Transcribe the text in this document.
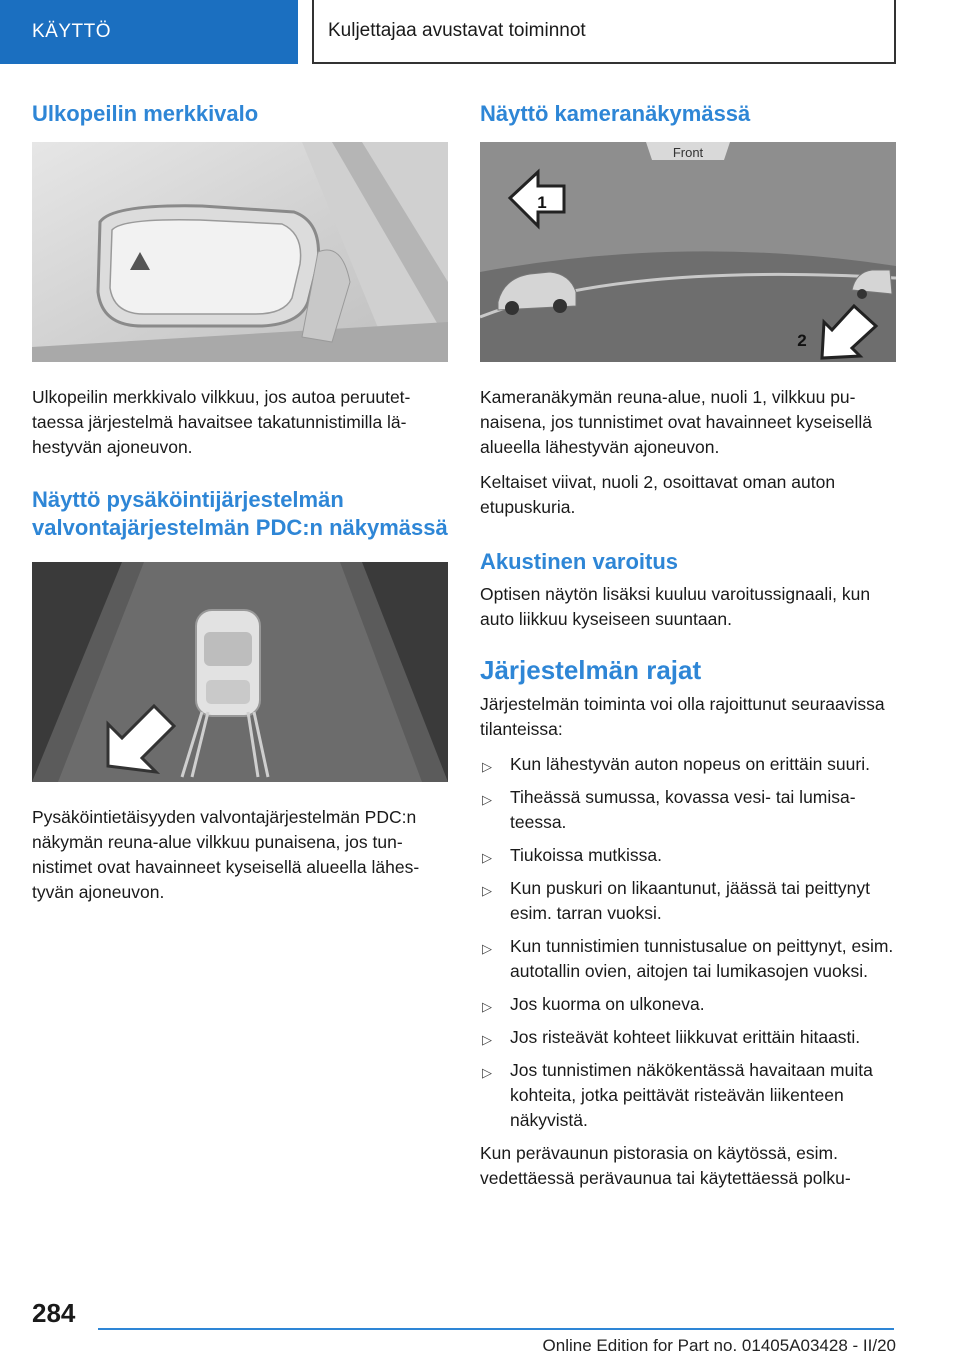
KÄYTTÖ	Kuljettajaa avustavat toiminnot
Ulkopeilin merkkivalo

Ulkopeilin merkkivalo vilkkuu, jos autoa peruutettaessa järjestelmä havaitsee takatunnistimilla lähestyvän ajoneuvon.

Näyttö pysäköintijärjestelmän valvontajärjestelmän PDC:n näkymässä

Pysäköintietäisyyden valvontajärjestelmän PDC:n näkymän reuna-alue vilkkuu punaisena, jos tunnistimet ovat havainneet kyseisellä alueella lähestyvän ajoneuvon.

Näyttö kameranäkymässä
Front
1
2

Kameranäkymän reuna-alue, nuoli 1, vilkkuu punaisena, jos tunnistimet ovat havainneet kyseisellä alueella lähestyvän ajoneuvon.

Keltaiset viivat, nuoli 2, osoittavat oman auton etupuskuria.

Akustinen varoitus

Optisen näytön lisäksi kuuluu varoitussignaali, kun auto liikkuu kyseiseen suuntaan.

Järjestelmän rajat

Järjestelmän toiminta voi olla rajoittunut seuraavissa tilanteissa:

▷ Kun lähestyvän auton nopeus on erittäin suuri.
▷ Tiheässä sumussa, kovassa vesi- tai lumisateessa.
▷ Tiukoissa mutkissa.
▷ Kun puskuri on likaantunut, jäässä tai peittynyt esim. tarran vuoksi.
▷ Kun tunnistimien tunnistusalue on peittynyt, esim. autotallin ovien, aitojen tai lumikasojen vuoksi.
▷ Jos kuorma on ulkoneva.
▷ Jos risteävät kohteet liikkuvat erittäin hitaasti.
▷ Jos tunnistimen näkökentässä havaitaan muita kohteita, jotka peittävät risteävän liikenteen näkyvistä.

Kun perävaunun pistorasia on käytössä, esim. vedettäessä perävaunua tai käytettäessä polku-

284
Online Edition for Part no. 01405A03428 - II/20
